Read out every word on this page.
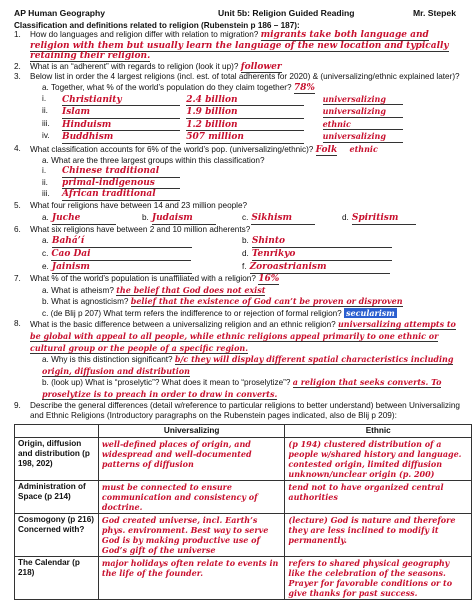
AP Human Geography	Unit 5b: Religion Guided Reading	Mr. Stepek
Classification and definitions related to religion (Rubenstein p 186 – 187):
1. How do languages and religion differ with relation to migration? migrants take both language and religion with them but usually learn the language of the new location and typically retaining their religion.
2. What is an “adherent” with regards to religion (look it up)? follower
3. Below list in order the 4 largest religions (incl. est. of total adherents for 2020) & (universalizing/ethnic explained later)?
a. Together, what % of the world’s population do they claim together? 78%
i. Christianity	2.4 billion	universalizing
ii. Islam	1.9 billion	universalizing
iii. Hinduism	1.2 billion	ethnic
iv. Buddhism	507 million	universalizing
4. What classification accounts for 6% of the world’s pop. (universalizing/ethnic)? Folk ethnic
a. What are the three largest groups within this classification?
i. Chinese traditional
ii. primal-indigenous
iii. African traditional
5. What four religions have between 14 and 23 million people?
a. Juche	b. Judaism	c. Sikhism	d. Spiritism
6. What six religions have between 2 and 10 million adherents?
a. Bahá’í	b. Shinto
c. Cao Dai	d. Tenrikyo
e. Jainism	f. Zoroastrianism
7. What % of the world’s population is unaffiliated with a religion? 16%
a. What is atheism? the belief that God does not exist
b. What is agnosticism? belief that the existence of God can’t be proven or disproven
c. (de Blij p 207) What term refers the indifference to or rejection of formal religion? secularism
8. What is the basic difference between a universalizing religion and an ethnic religion? universalizing attempts to be global with appeal to all people, while ethnic religions appeal primarily to one ethnic or cultural group or the people of a specific region.
a. Why is this distinction significant? b/c they will display different spatial characteristics including origin, diffusion and distribution
b. (look up) What is “proselytic”? What does it mean to “proselytize”? a religion that seeks converts. To proselytize is to preach in order to draw in converts.
9. Describe the general differences (detail w/reference to particular religions to better understand) between Universalizing and Ethnic Religions (Introductory paragraphs on the Rubenstein pages indicated, also de Blij p 209):
	Universalizing	Ethnic
Origin, diffusion and distribution (p 198, 202)	well-defined places of origin, and widespread and well-documented patterns of diffusion	(p 194) clustered distribution of a people w/shared history and language. contested origin, limited diffusion unknown/unclear origin (p. 200)
Administration of Space (p 214)	must be connected to ensure communication and consistency of doctrine.	tend not to have organized central authorities
Cosmogony (p 216) Concerned with?	God created universe, incl. Earth’s phys. environment. Best way to serve God is by making productive use of God’s gift of the universe	(lecture) God is nature and therefore they are less inclined to modify it permanently.
The Calendar (p 218)	major holidays often relate to events in the life of the founder.	refers to shared physical geography like the celebration of the seasons. Prayer for favorable conditions or to give thanks for past success.
